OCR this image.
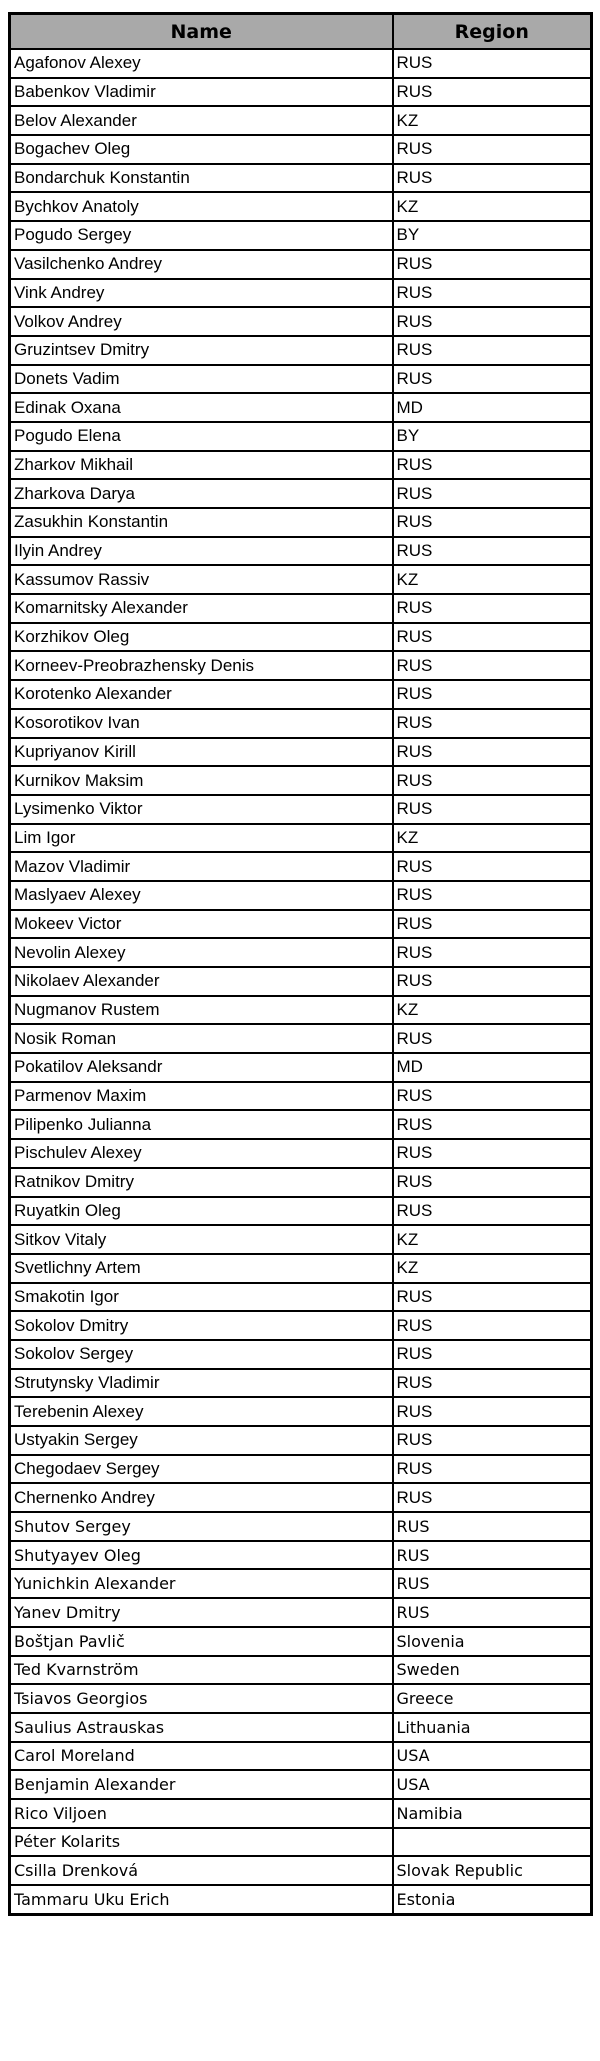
Name	Region
Agafonov Alexey	RUS
Babenkov Vladimir	RUS
Belov Alexander	KZ
Bogachev Oleg	RUS
Bondarchuk Konstantin	RUS
Bychkov Anatoly	KZ
Pogudo Sergey	BY
Vasilchenko Andrey	RUS
Vink Andrey	RUS
Volkov Andrey	RUS
Gruzintsev Dmitry	RUS
Donets Vadim	RUS
Edinak Oxana	MD
Pogudo Elena	BY
Zharkov Mikhail	RUS
Zharkova Darya	RUS
Zasukhin Konstantin	RUS
Ilyin Andrey	RUS
Kassumov Rassiv	KZ
Komarnitsky Alexander	RUS
Korzhikov Oleg	RUS
Korneev-Preobrazhensky Denis	RUS
Korotenko Alexander	RUS
Kosorotikov Ivan	RUS
Kupriyanov Kirill	RUS
Kurnikov Maksim	RUS
Lysimenko Viktor	RUS
Lim Igor	KZ
Mazov Vladimir	RUS
Maslyaev Alexey	RUS
Mokeev Victor	RUS
Nevolin Alexey	RUS
Nikolaev Alexander	RUS
Nugmanov Rustem	KZ
Nosik Roman	RUS
Pokatilov Aleksandr	MD
Parmenov Maxim	RUS
Pilipenko Julianna	RUS
Pischulev Alexey	RUS
Ratnikov Dmitry	RUS
Ruyatkin Oleg	RUS
Sitkov Vitaly	KZ
Svetlichny Artem	KZ
Smakotin Igor	RUS
Sokolov Dmitry	RUS
Sokolov Sergey	RUS
Strutynsky Vladimir	RUS
Terebenin Alexey	RUS
Ustyakin Sergey	RUS
Chegodaev Sergey	RUS
Chernenko Andrey	RUS
Shutov Sergey	RUS
Shutyayev Oleg	RUS
Yunichkin Alexander	RUS
Yanev Dmitry	RUS
Boštjan Pavlič	Slovenia
Ted Kvarnström	Sweden
Tsiavos Georgios	Greece
Saulius Astrauskas	Lithuania
Carol Moreland	USA
Benjamin Alexander	USA
Rico Viljoen	Namibia
Péter Kolarits	
Csilla Drenková	Slovak Republic
Tammaru Uku Erich	Estonia
